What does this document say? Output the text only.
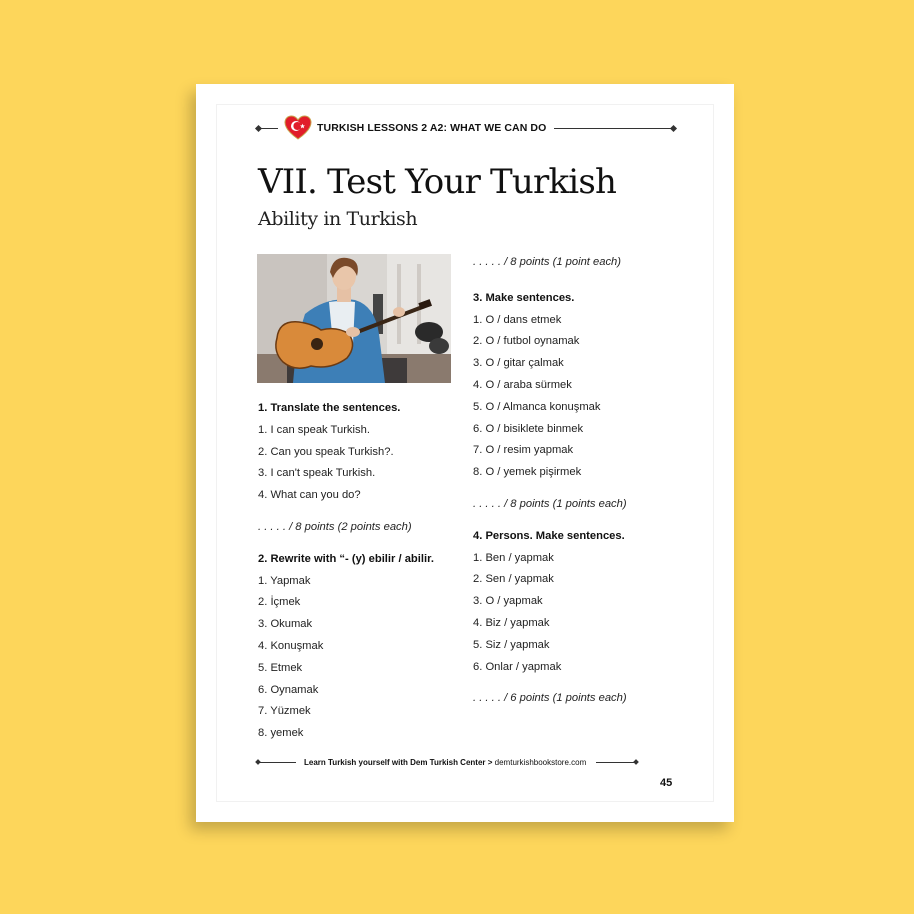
TURKISH LESSONS 2 A2: WHAT WE CAN DO
VII. Test Your Turkish
Ability in Turkish
1. Translate the sentences.
1. I can speak Turkish.
2. Can you speak Turkish?.
3. I can't speak Turkish.
4. What can you do?
. . . . . / 8 points (2 points each)
2. Rewrite with “- (y) ebilir / abilir.
1. Yapmak
2. İçmek
3. Okumak
4. Konuşmak
5. Etmek
6. Oynamak
7. Yüzmek
8. yemek
. . . . . / 8 points (1 point each)
3. Make sentences.
1. O / dans etmek
2. O / futbol oynamak
3. O / gitar çalmak
4. O / araba sürmek
5. O / Almanca konuşmak
6. O / bisiklete binmek
7. O / resim yapmak
8. O / yemek pişirmek
. . . . . / 8 points (1 points each)
4. Persons. Make sentences.
1. Ben / yapmak
2. Sen / yapmak
3. O / yapmak
4. Biz / yapmak
5. Siz / yapmak
6. Onlar / yapmak
. . . . . / 6 points (1 points each)
Learn Turkish yourself with Dem Turkish Center > demturkishbookstore.com
45
